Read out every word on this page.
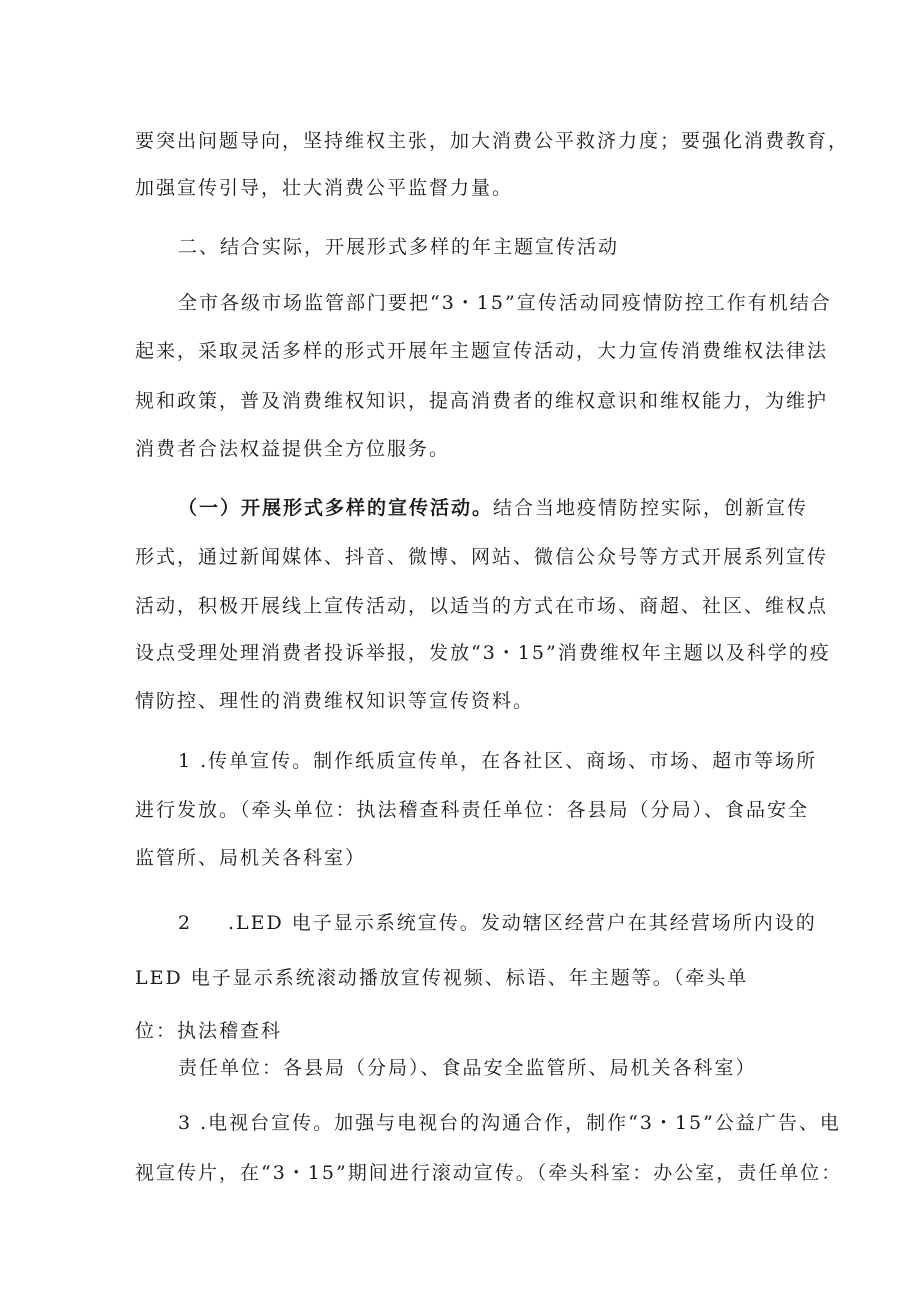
要突出问题导向，坚持维权主张，加大消费公平救济力度；要强化消费教育，

加强宣传引导，壮大消费公平监督力量。

二、结合实际，开展形式多样的年主题宣传活动

全市各级市场监管部门要把“3・15”宣传活动同疫情防控工作有机结合

起来，采取灵活多样的形式开展年主题宣传活动，大力宣传消费维权法律法

规和政策，普及消费维权知识，提高消费者的维权意识和维权能力，为维护

消费者合法权益提供全方位服务。

（一）开展形式多样的宣传活动。结合当地疫情防控实际，创新宣传

形式，通过新闻媒体、抖音、微博、网站、微信公众号等方式开展系列宣传

活动，积极开展线上宣传活动，以适当的方式在市场、商超、社区、维权点

设点受理处理消费者投诉举报，发放“3・15”消费维权年主题以及科学的疫

情防控、理性的消费维权知识等宣传资料。

1 .传单宣传。制作纸质宣传单，在各社区、商场、市场、超市等场所

进行发放。（牵头单位：执法稽查科责任单位：各县局（分局）、食品安全

监管所、局机关各科室）

2 .LED 电子显示系统宣传。发动辖区经营户在其经营场所内设的

LED 电子显示系统滚动播放宣传视频、标语、年主题等。（牵头单

位：执法稽查科

责任单位：各县局（分局）、食品安全监管所、局机关各科室）

3 .电视台宣传。加强与电视台的沟通合作，制作“3・15”公益广告、电

视宣传片，在“3・15”期间进行滚动宣传。（牵头科室：办公室，责任单位：
